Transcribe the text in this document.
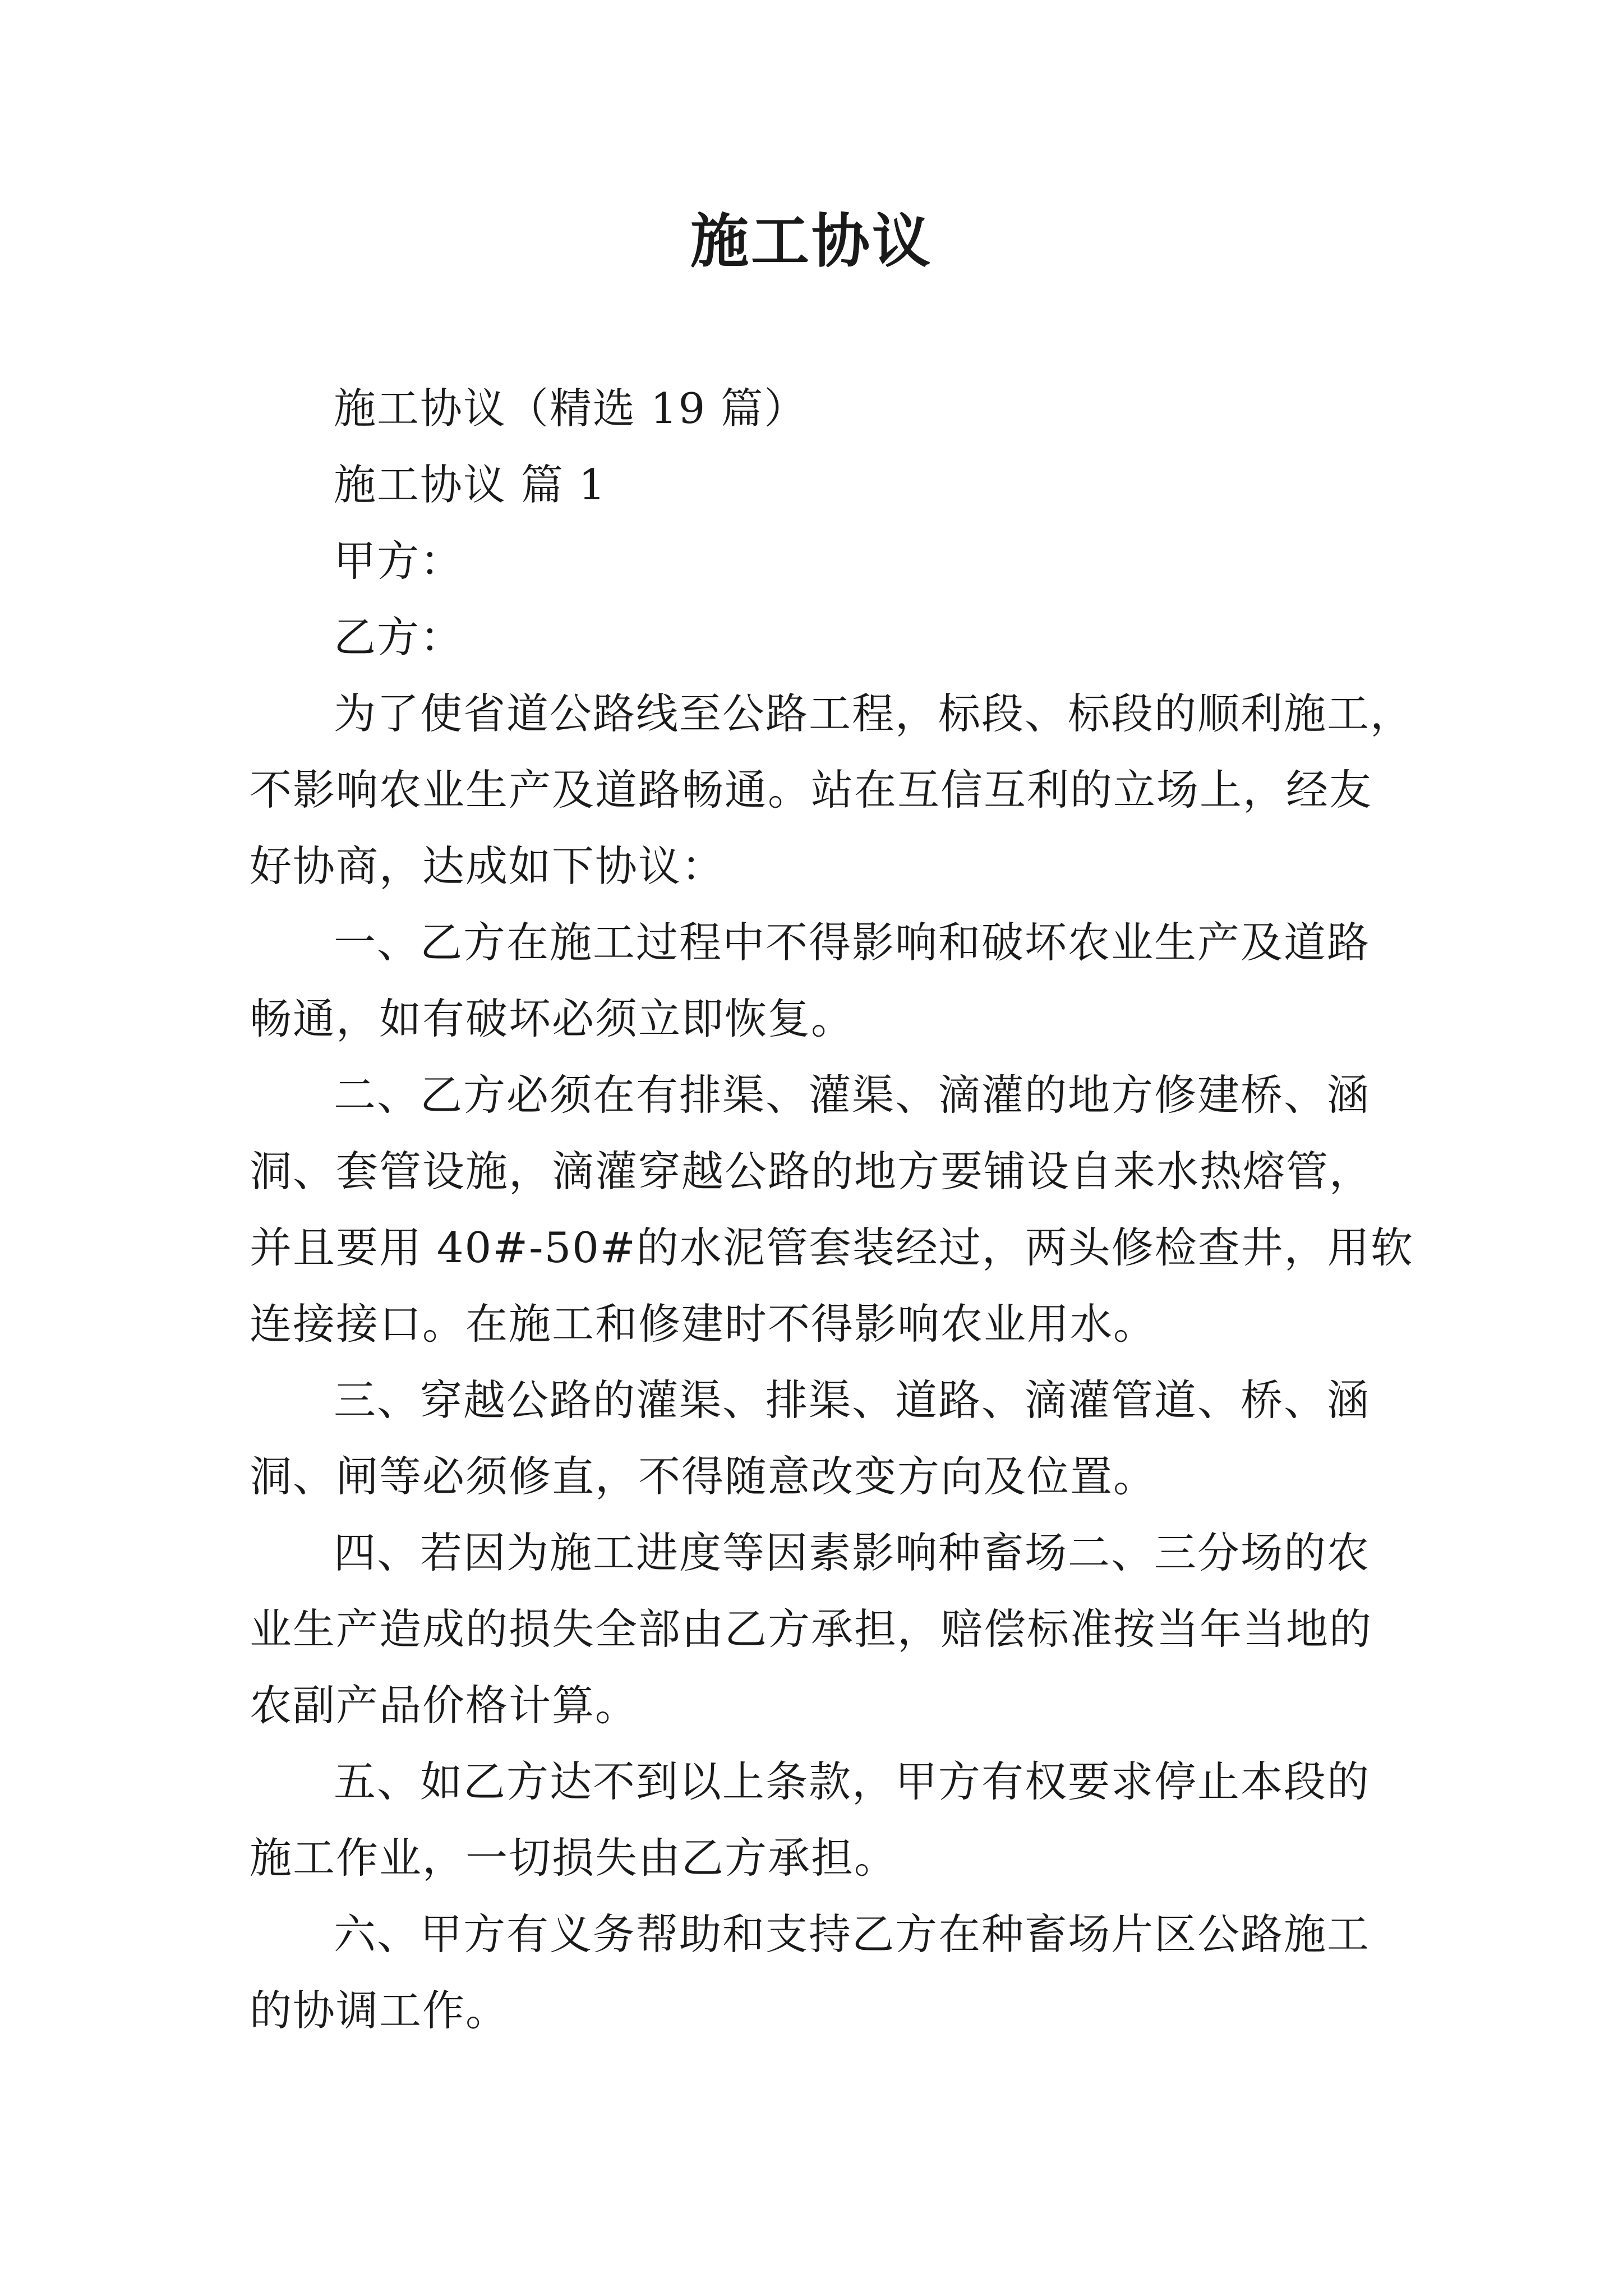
施工协议
施工协议（精选 19 篇）
施工协议 篇 1
甲方：
乙方：
为了使省道公路线至公路工程，标段、标段的顺利施工，
不影响农业生产及道路畅通。站在互信互利的立场上，经友
好协商，达成如下协议：
一、乙方在施工过程中不得影响和破坏农业生产及道路
畅通，如有破坏必须立即恢复。
二、乙方必须在有排渠、灌渠、滴灌的地方修建桥、涵
洞、套管设施，滴灌穿越公路的地方要铺设自来水热熔管，
并且要用 40#-50#的水泥管套装经过，两头修检查井，用软
连接接口。在施工和修建时不得影响农业用水。
三、穿越公路的灌渠、排渠、道路、滴灌管道、桥、涵
洞、闸等必须修直，不得随意改变方向及位置。
四、若因为施工进度等因素影响种畜场二、三分场的农
业生产造成的损失全部由乙方承担，赔偿标准按当年当地的
农副产品价格计算。
五、如乙方达不到以上条款，甲方有权要求停止本段的
施工作业，一切损失由乙方承担。
六、甲方有义务帮助和支持乙方在种畜场片区公路施工
的协调工作。
